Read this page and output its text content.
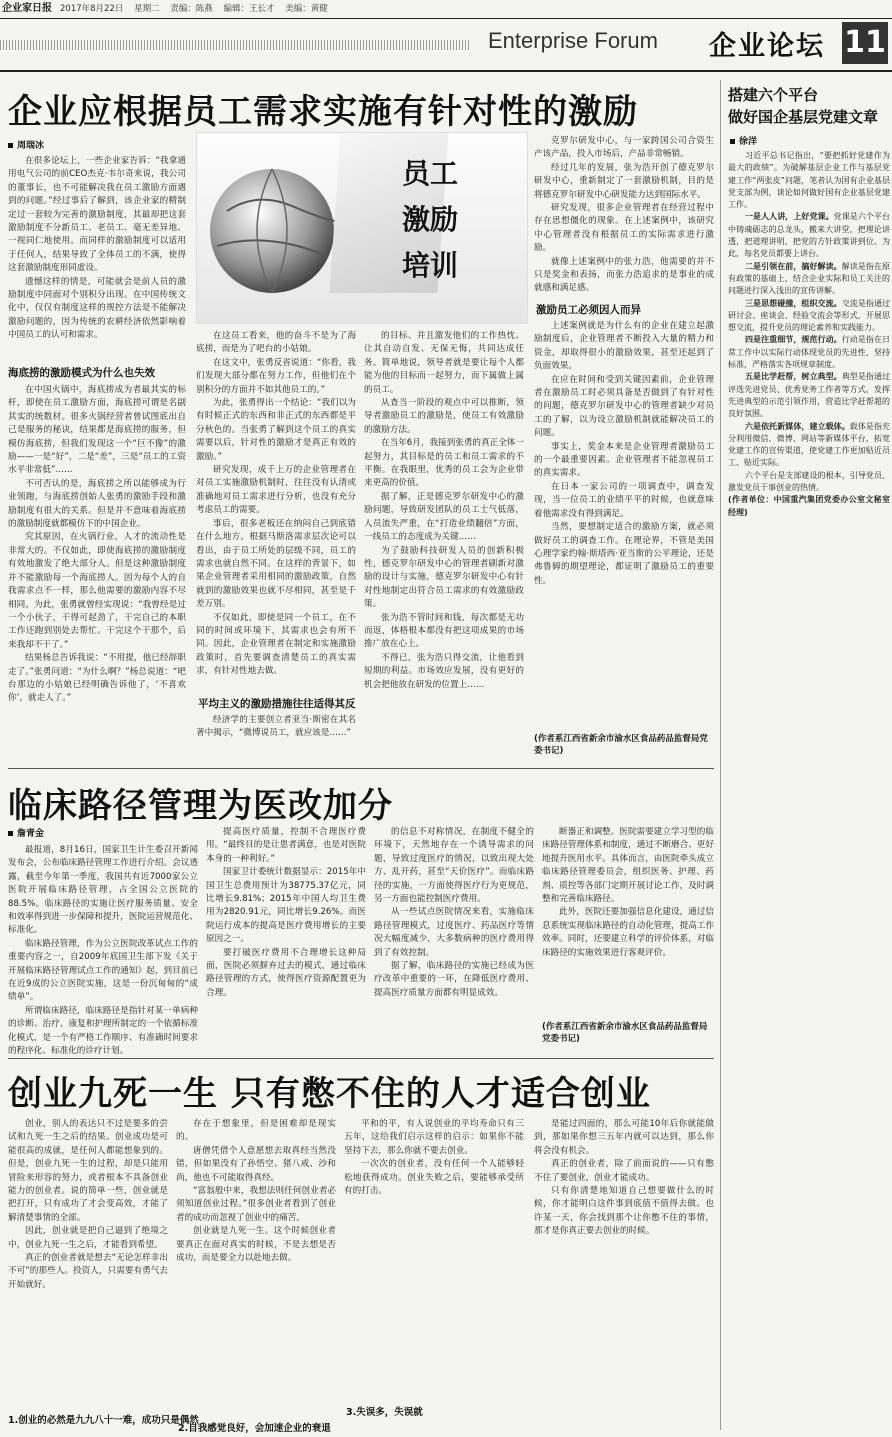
企业家日报 2017年8月22日 星期二 责编：陈燕 编辑：王长才 美编：黄健
Enterprise Forum 企业论坛 11
企业应根据员工需求实施有针对性的激励
周瑞冰

在很多论坛上，一些企业家告诉：“我拿通用电气公司的前CEO杰克·韦尔奇来说，我公司的董事长，也不可能解决我在员工激励方面遇到的问题。”经过事后了解到，该企业家的精制定过一套较为完善的激励制度，其最却把这套激励制度不分新员工、老员工、毫无差异地、一视同仁地使用。而同样的激励制度可以适用于任何人，结果导致了全体员工的不满，使得这套激励制度形同虚设。

遗憾这样的情是，可能就会是前人员的激励制度中同面对个别积分出现。在中国传统文化中，仅仅有制度这样的规控方法是不能解决激励问题的，因为传统的农耕经济依然影响着中国员工的认可和需求。

海底捞的激励模式为什么也失效

在中国火锅中，海底捞成为者最其实的标杆，即使在员工激励方面，海底捞可谓是名副其实的统数材。很多火锅经营者曾试图底出自己是服务的秘诀，结果都是海底捞的服务，但模仿海底捞，但我们发现这一个“巨不像”的激励——一是“好”，二是“差”，三是“员工的工资水平非常低”……

不可否认的是，海底捞之所以能够成为行业领跑，与海底捞创始人张勇的激励手段和激励制度有很大的关系。但是并不意味着海底捞的激励制度就都模仿下的中国企业。

究其原因，在火锅行业，人才的流动性是非常大的。不仅如此，即使海底捞的激励制度有效地激发了绝大部分人。但是这种激励制度并不能激励每一个海底捞人。因为每个人的自我需求点不一样，那么他需要的激励内容不尽相同。为此，张勇就曾经实现说：“我曾经是过一个小伙子，干得可起劲了，干完自己的本职工作还跑到别处去帮忙。干完这个干那个，后来我却不干了。”

结果杨总告诉我说：“不用提，他已经辞职走了。”张勇问道：“为什么啊？”杨总说道：“吧台那边的小姑娘已经明确告诉他了，‘不喜欢你’，就走人了。”

员工
激励
培训

在这员工看来，他的奋斗不是为了海底捞，而是为了吧台的小姑娘。

在这文中，张勇反省说道：“你看，我们发现大部分都在努力工作，但他们在个别积分的方面并不如其他员工的。”

为此，张勇得出一个结论：“我们以为有时候正式的东西和非正式的东西都是平分秋色的。当张勇了解到这个员工的真实需要以后，针对性的激励才是真正有效的激励。”

研究发现，成千上万的企业管理者在对员工实施激励机制时，往往没有认清或准确地对员工需求进行分析，也没有充分考虑员工的需要。

事后，很多老板还在纳闷自己到底错在什么地方。根据马斯洛需求层次论可以看出，由于员工所处的层级不同，员工的需求也就自然不同。在这样的背景下，如果企业管理者采用相同的激励政策，自然就到的激励效果也就不尽相同，甚至是千差万别。

不仅如此，即使是同一个员工，在不同的时间或环境下，其需求也会有所不同。因此，企业管理者在制定和实施激励政策时，首先要调查清楚员工的真实需求，有针对性地去做。

平均主义的激励措施往往适得其反

经济学的主要创立者亚当·斯密在其名著中揭示，“微博说员工，就应该是……”

的目标、并且激发他们的工作热忱、让其自动自发、无保无悔，共同达成任务。简单地说，领导者就是要让每个人都能为他的目标而一起努力，而下属做上属的员工。

从查当一阶段的观点中可以推断，领导者激励员工的激励是，使员工有效激励的激励方法。

在当年6月，我接到张勇的真正全体一起努力，其目标是的员工和员工需求的不平衡。在我眼里，优秀的员工会为企业带来更高的价值。

据了解，正是德克罗尔研发中心的激励问题，导致研发团队的员工士气低落，人员流失严重，在“打造业绩翻倍”方面，一线员工的态度成为关键……

为了鼓励科技研发人员的创新积极性，德克罗尔研发中心的管理者刷新对激励的设计与实施，德克罗尔研发中心有针对性地制定出符合员工需求的有效激励政策。

张为浩不管时间和钱，每次都是无功而返，体格根本都没有把这项成果的市场推广放在心上。

不得已，张为浩只得交流，让他看到短期的利益。市场效应发展，没有更好的机会把他放在研发的位置上……

克罗尔研发中心，与一家跨国公司合资生产该产品，投入市场后，产品非常畅销。

经过几年的发展，张为浩开创了德克罗尔研发中心，重新制定了一套激励机制，目的是将德克罗尔研发中心研发能力达到国际水平。

研究发现，很多企业管理者在经营过程中存在思想僵化的现象。在上述案例中，该研究中心管理者没有根据员工的实际需求进行激励。

就像上述案例中的张力浩，他需要的并不只是奖金和表扬，而张力浩追求的是事业的成就感和满足感。

激励员工必须因人而异

上述案例就是为什么有的企业在建立起激励制度后，企业管理者不断投入大量的精力和资金，却取得很小的激励效果，甚至还起到了负面效果。

在应在时间和受到关键因素前，企业管理者在激励员工时必须具备是否做到了有针对性的问题，德克罗尔研发中心的管理者缺少对员工的了解，以为设立激励机制就能解决员工的问题。

事实上，奖金本来是企业管理者激励员工的一个最重要因素。企业管理者不能忽视员工的真实需求。

在日本一家公司的一项调查中，调查发现，当一位员工的业绩平平的时候，也就意味着他需求没有得到满足。

当然，要想制定适合的激励方案，就必须做好员工的调查工作。在理论界，不管是美国心理学家约翰·斯塔西·亚当斯的公平理论，还是弗鲁姆的期望理论，都证明了激励员工的重要性。

(作者系江西省新余市渝水区食品药品监督局党委书记)
临床路径管理为医改加分
詹青金

最报道，8月16日，国家卫生计生委召开新闻发布会，公布临床路径管理工作进行介绍。会议透露，截至今年第一季度，我国共有近7000家公立医院开展临床路径管理，占全国公立医院的88.5%。临床路径的实施让医疗服务质量、安全和效率得到进一步保障和提升，医院运营规范化、标准化。

临床路径管理，作为公立医院改革试点工作的重要内容之一，自2009年底国卫生部下发《关于开展临床路径管理试点工作的通知》起，到目前已在近9成的公立医院实施，这是一份沉甸甸的“成绩单”。

所谓临床路径，临床路径是指针对某一单病种的诊断、治疗、康复和护理所制定的一个依循标准化模式，是一个有严格工作顺序、有准确时间要求的程序化、标准化的诊疗计划。

提高医疗质量，控制不合理医疗费用。“最终目的是让患者满意，也是对医院本身的一种利好。”

国家卫计委统计数据显示：2015年中国卫生总费用预计为38775.37亿元，同比增长9.81%；2015年中国人均卫生费用为2820.91元，同比增长9.26%。而医院运行成本的提高是医疗费用增长的主要原因之一。

要打破医疗费用不合理增长这种局面，医院必须摒弃过去的模式，通过临床路径管理的方式，使得医疗资源配置更为合理。

的信息不对称情况，在制度不健全的环境下，天然地存在一个诱导需求的问题，导致过度医疗的情况，以致出现大处方、乱开药，甚至“天价医疗”。而临床路径的实施，一方面使得医疗行为更规范，另一方面也能控制医疗费用。

从一些试点医院情况来看，实施临床路径管理模式，过度医疗、药品医疗等情况大幅度减少，大多数病种的医疗费用得到了有效控制。

据了解，临床路径的实施已经成为医疗改革中重要的一环，在降低医疗费用、提高医疗质量方面都有明显成效。

断器正和调整。医院需要建立学习型的临床路径管理体系和制度，通过不断磨合、更好地提升医用水平。具体而言，由医院牵头成立临床路径管理委员会，组织医务、护理、药剂、质控等各部门定期开展讨论工作，及时调整和完善临床路径。

此外，医院还要加强信息化建设，通过信息系统实现临床路径的自动化管理，提高工作效率。同时，还要建立科学的评价体系，对临床路径的实施效果进行客观评价。

(作者系江西省新余市渝水区食品药品监督局党委书记)
创业九死一生 只有憋不住的人才适合创业

创业，别人的表达只不过是要多的尝试和九死一生之后的结果。创业成功是可能很高的成就，是任何人都能想象到的。但是，创业九死一生的过程，却是只能用冒险来形容的努力，或者根本不具备创业能力的创业者。说的简单一些，创业就是把打开，只有成功了才会变高效，才能了解清楚事情的全部。

因此，创业就是把自己逼到了绝境之中，创业九死一生之后，才能看到希望。

真正的创业者就是想去“无论怎样非出不可”的那些人。投资人，只需要有勇气去开始就好。

1.创业的必然是九九八十一难，成功只是偶然

存在于想象里，但是困难却是现实的。

唐僧凭借个人意愿想去取真经当然没错，但如果没有了孙悟空、猪八戒、沙和尚，他也不可能取得真经。

“富翁般中来，我想法则任何创业者必须知道创业过程。”很多创业者看到了创业者的成功而忽视了创业中的痛苦。

创业就是九死一生。这个时候创业者要真正在面对真实的时候，不是去想是否成功，而是要全力以赴地去做。

2.自我感觉良好，会加速企业的衰退

平和的平，有人说创业的平均寿命只有三五年，这给我们启示这样的启示：如果你不能坚持下去，那么你就不要去创业。

一次次的创业者，没有任何一个人能够轻松地获得成功。创业失败之后，要能够承受所有的打击。

3.失误多，失误就

是能过四面的，那么可能10年后你就能做到，那如果你想三五年内就可以达到，那么你将会没有机会。

真正的创业者，除了前面说的——只有憋不住了要创业，创业才能成功。

只有你清楚地知道自己想要做什么的时候，你才能明白这件事到底值不值得去做。也许某一天，你会找到那个让你憋不住的事情，那才是你真正要去创业的时候。

搭建六个平台
做好国企基层党建文章
徐洋

习近平总书记指出，“要把抓好党建作为最大的政绩”。为破解基层企业工作与基层党建工作“两张皮”问题，笔者认为国有企业基层党支部为例，谈论如何做好国有企业基层党建工作。

一是人人讲，上好党课。党课是六个平台中铸魂砺志的总龙头，搬来大讲堂，把理论讲透，把道理讲明，把党的方针政策讲到位。为此，每名党员都要上讲台。

二是引领在前，搞好解读。解读是指在原有政策的基础上，结合企业实际和员工关注的问题进行深入浅出的宣传讲解。

三是思想碰撞，组织交流。交流是指通过研讨会、座谈会、经验交流会等形式，开展思想交流，提升党员的理论素养和实践能力。

四是注重细节，规范行动。行动是指在日常工作中以实际行动体现党员的先进性，坚持标准，严格落实各项规章制度。

五是比学赶帮，树立典型。典型是指通过评选先进党员、优秀党务工作者等方式，发挥先进典型的示范引领作用，营造比学赶帮超的良好氛围。

六是依托新媒体，建立载体。载体是指充分利用微信、微博、网站等新媒体平台，拓宽党建工作的宣传渠道，使党建工作更加贴近员工、贴近实际。

六个平台是支部建设的根本，引导党员、激发党员干事创业的热情。

(作者单位：中国重汽集团党委办公室文秘室经理)
